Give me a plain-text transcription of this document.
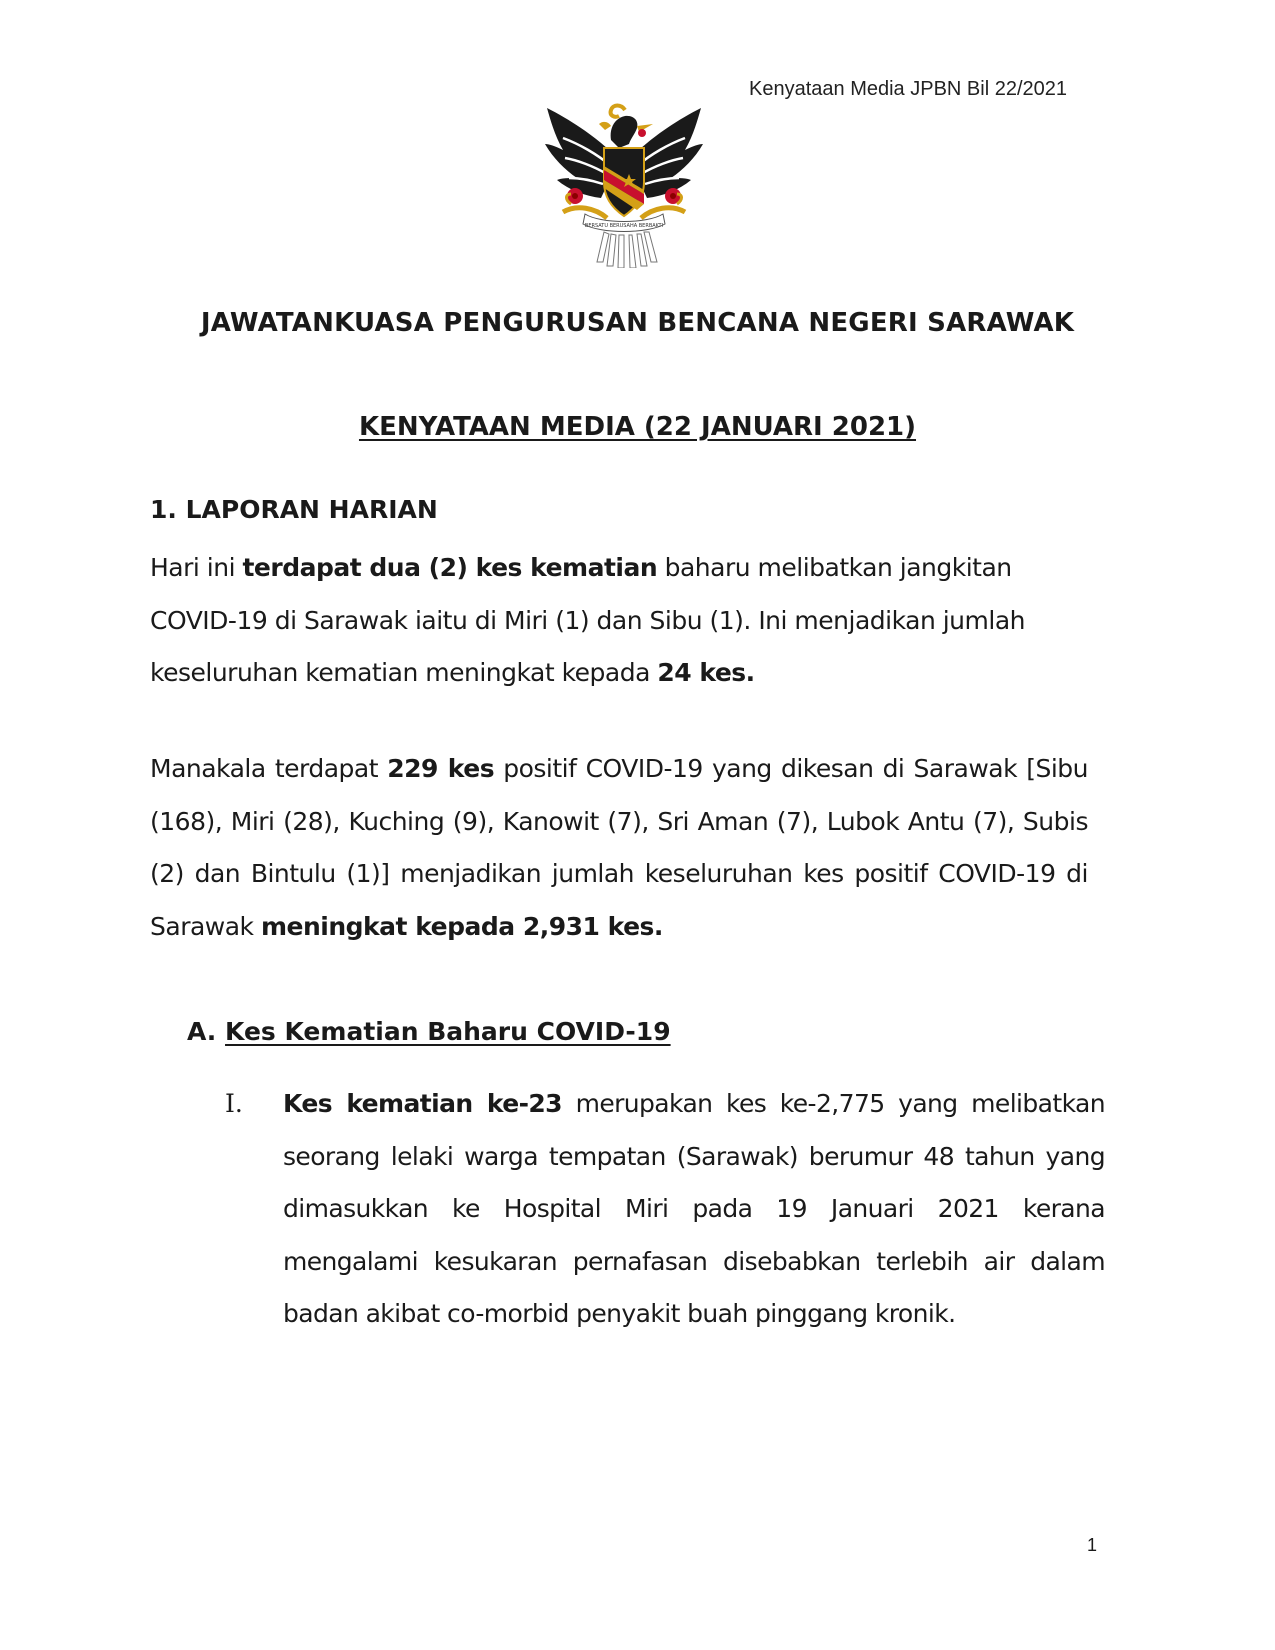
Kenyataan Media JPBN Bil 22/2021
BERSATU BERUSAHA BERBAKTI
JAWATANKUASA PENGURUSAN BENCANA NEGERI SARAWAK
KENYATAAN MEDIA (22 JANUARI 2021)
1. LAPORAN HARIAN
Hari ini terdapat dua (2) kes kematian baharu melibatkan jangkitan COVID-19 di Sarawak iaitu di Miri (1) dan Sibu (1). Ini menjadikan jumlah keseluruhan kematian meningkat kepada 24 kes.
Manakala terdapat 229 kes positif COVID-19 yang dikesan di Sarawak [Sibu (168), Miri (28), Kuching (9), Kanowit (7), Sri Aman (7), Lubok Antu (7), Subis (2) dan Bintulu (1)] menjadikan jumlah keseluruhan kes positif COVID-19 di Sarawak meningkat kepada 2,931 kes.
A. Kes Kematian Baharu COVID-19
I. Kes kematian ke-23 merupakan kes ke-2,775 yang melibatkan seorang lelaki warga tempatan (Sarawak) berumur 48 tahun yang dimasukkan ke Hospital Miri pada 19 Januari 2021 kerana mengalami kesukaran pernafasan disebabkan terlebih air dalam badan akibat co-morbid penyakit buah pinggang kronik.
1
